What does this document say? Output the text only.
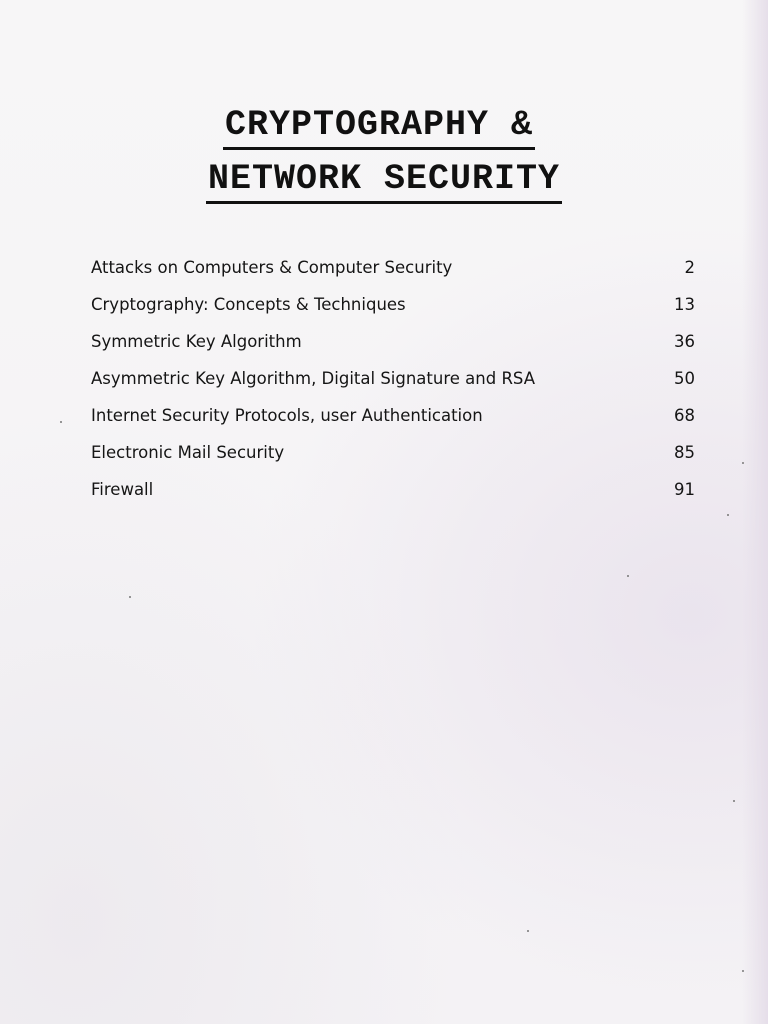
CRYPTOGRAPHY &
NETWORK SECURITY
Attacks on Computers & Computer Security	2
Cryptography: Concepts & Techniques	13
Symmetric Key Algorithm	36
Asymmetric Key Algorithm, Digital Signature and RSA	50
Internet Security Protocols, user Authentication	68
Electronic Mail Security	85
Firewall	91
